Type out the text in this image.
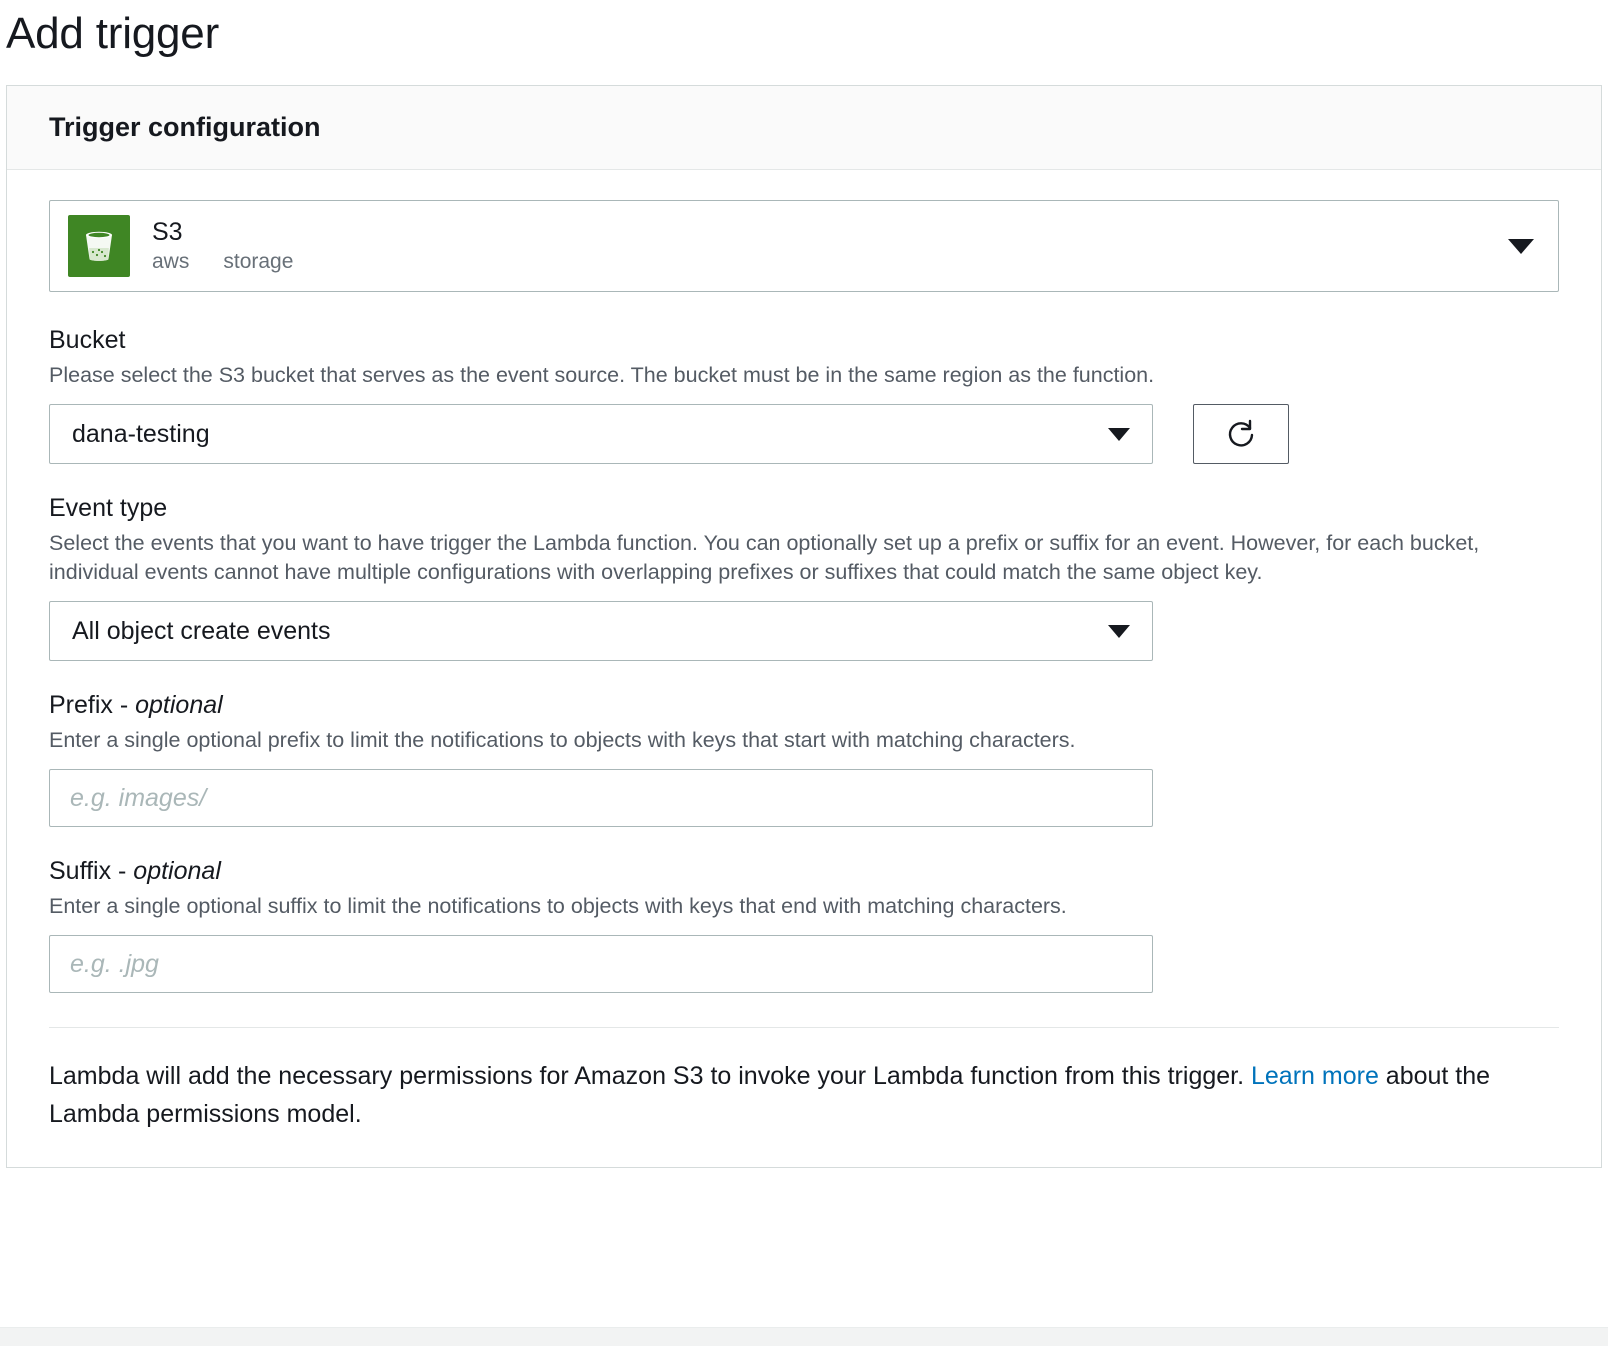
Add trigger
Trigger configuration
S3
aws storage
Bucket
Please select the S3 bucket that serves as the event source. The bucket must be in the same region as the function.
dana-testing
Event type
Select the events that you want to have trigger the Lambda function. You can optionally set up a prefix or suffix for an event. However, for each bucket, individual events cannot have multiple configurations with overlapping prefixes or suffixes that could match the same object key.
All object create events
Prefix - optional
Enter a single optional prefix to limit the notifications to objects with keys that start with matching characters.
e.g. images/
Suffix - optional
Enter a single optional suffix to limit the notifications to objects with keys that end with matching characters.
e.g. .jpg
Lambda will add the necessary permissions for Amazon S3 to invoke your Lambda function from this trigger. Learn more about the Lambda permissions model.
